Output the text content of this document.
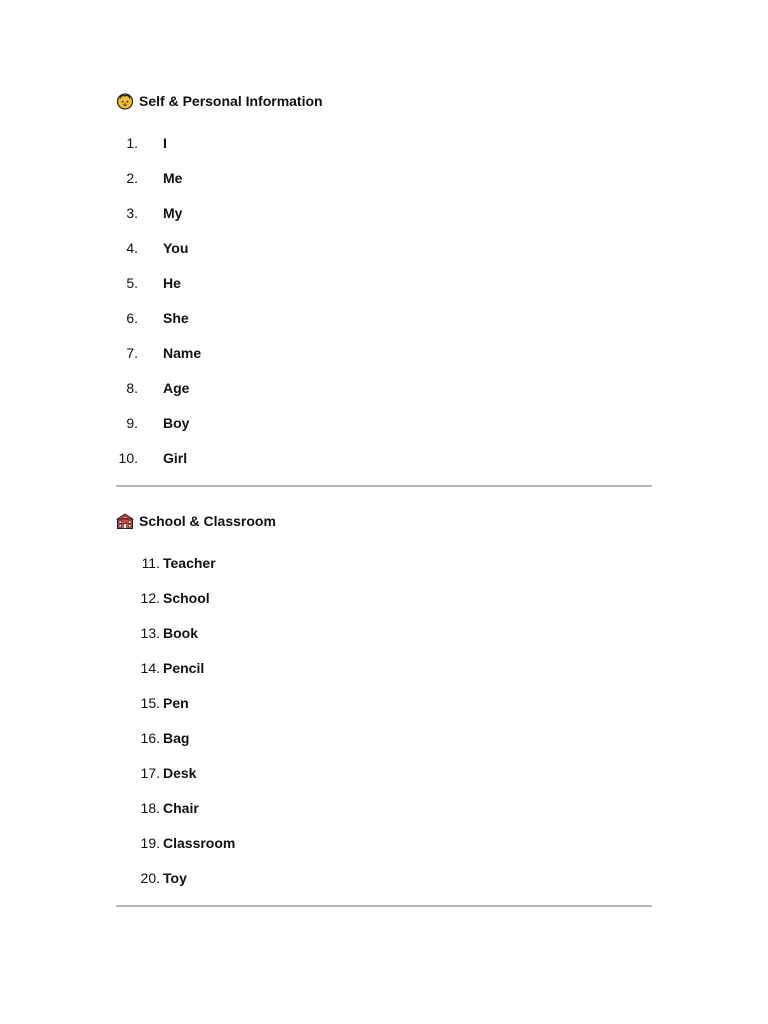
Self & Personal Information
1.	I
2.	Me
3.	My
4.	You
5.	He
6.	She
7.	Name
8.	Age
9.	Boy
10.	Girl
School & Classroom
11. Teacher
12. School
13. Book
14. Pencil
15. Pen
16. Bag
17. Desk
18. Chair
19. Classroom
20. Toy
